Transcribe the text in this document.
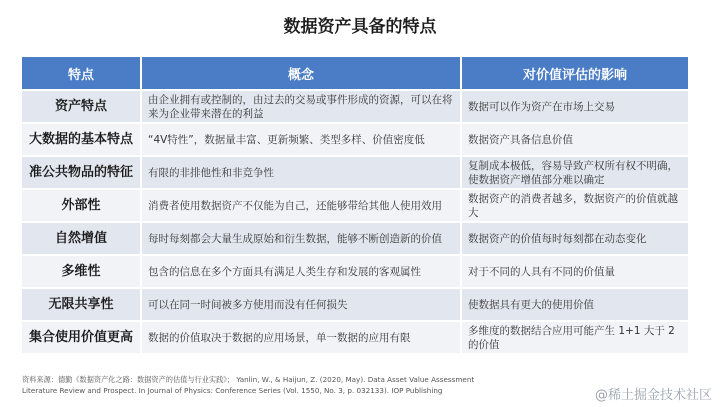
数据资产具备的特点
特点	概念	对价值评估的影响
资产特点	由企业拥有或控制的，由过去的交易或事件形成的资源，可以在将来为企业带来潜在的利益	数据可以作为资产在市场上交易
大数据的基本特点	“4V特性”，数据量丰富、更新频繁、类型多样、价值密度低	数据资产具备信息价值
准公共物品的特征	有限的非排他性和非竞争性	复制成本极低，容易导致产权所有权不明确，使数据资产增值部分难以确定
外部性	消费者使用数据资产不仅能为自己，还能够带给其他人使用效用	数据资产的消费者越多，数据资产的价值就越大
自然增值	每时每刻都会大量生成原始和衍生数据，能够不断创造新的价值	数据资产的价值每时每刻都在动态变化
多维性	包含的信息在多个方面具有满足人类生存和发展的客观属性	对于不同的人具有不同的价值量
无限共享性	可以在同一时间被多方使用而没有任何损失	使数据具有更大的使用价值
集合使用价值更高	数据的价值取决于数据的应用场景，单一数据的应用有限	多维度的数据结合应用可能产生 1+1 大于 2 的价值
资料来源：德勤《数据资产化之路：数据资产的估值与行业实践》； Yanlin, W., & Haijun, Z. (2020, May). Data Asset Value Assessment
Literature Review and Prospect. In Journal of Physics: Conference Series (Vol. 1550, No. 3, p. 032133). IOP Publishing	@稀土掘金技术社区
